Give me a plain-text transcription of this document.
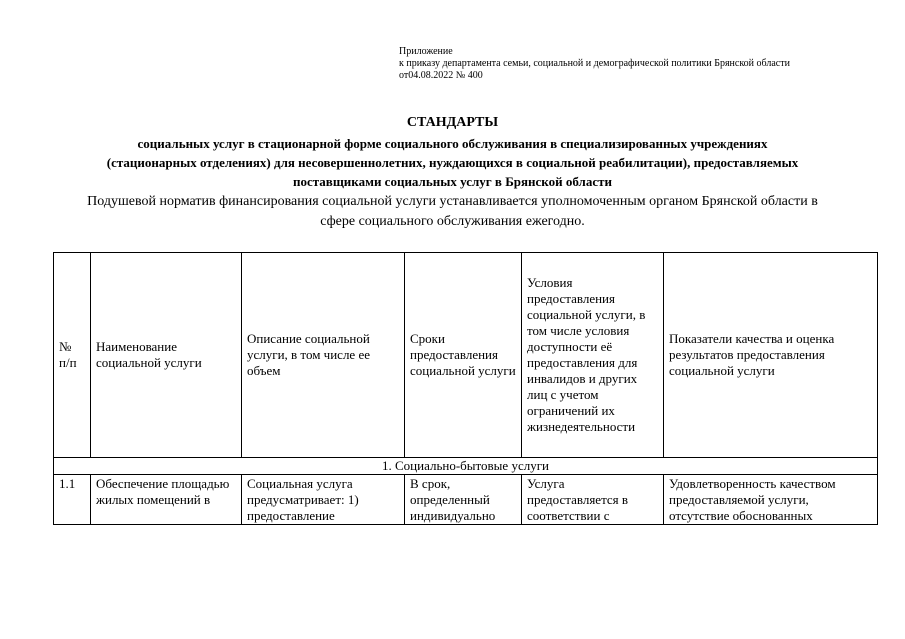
Приложение
к приказу департамента семьи, социальной и демографической политики Брянской области
от04.08.2022 № 400
СТАНДАРТЫ
социальных услуг в стационарной форме социального обслуживания в специализированных учреждениях
(стационарных отделениях) для несовершеннолетних, нуждающихся в социальной реабилитации), предоставляемых
поставщиками социальных услуг в Брянской области
Подушевой норматив финансирования социальной услуги устанавливается уполномоченным органом Брянской области в
сфере социального обслуживания ежегодно.
№ п/п	Наименование социальной услуги	Описание социальной услуги, в том числе ее объем	Сроки предоставления социальной услуги	Условия предоставления социальной услуги, в том числе условия доступности её предоставления для инвалидов и других лиц с учетом ограничений их жизнедеятельности	Показатели качества и оценка результатов предоставления социальной услуги
1. Социально-бытовые услуги					
1.1	Обеспечение площадью жилых помещений в	Социальная услуга предусматривает: 1) предоставление	В срок, определенный индивидуально	Услуга предоставляется в соответствии с	Удовлетворенность качеством предоставляемой услуги, отсутствие обоснованных
